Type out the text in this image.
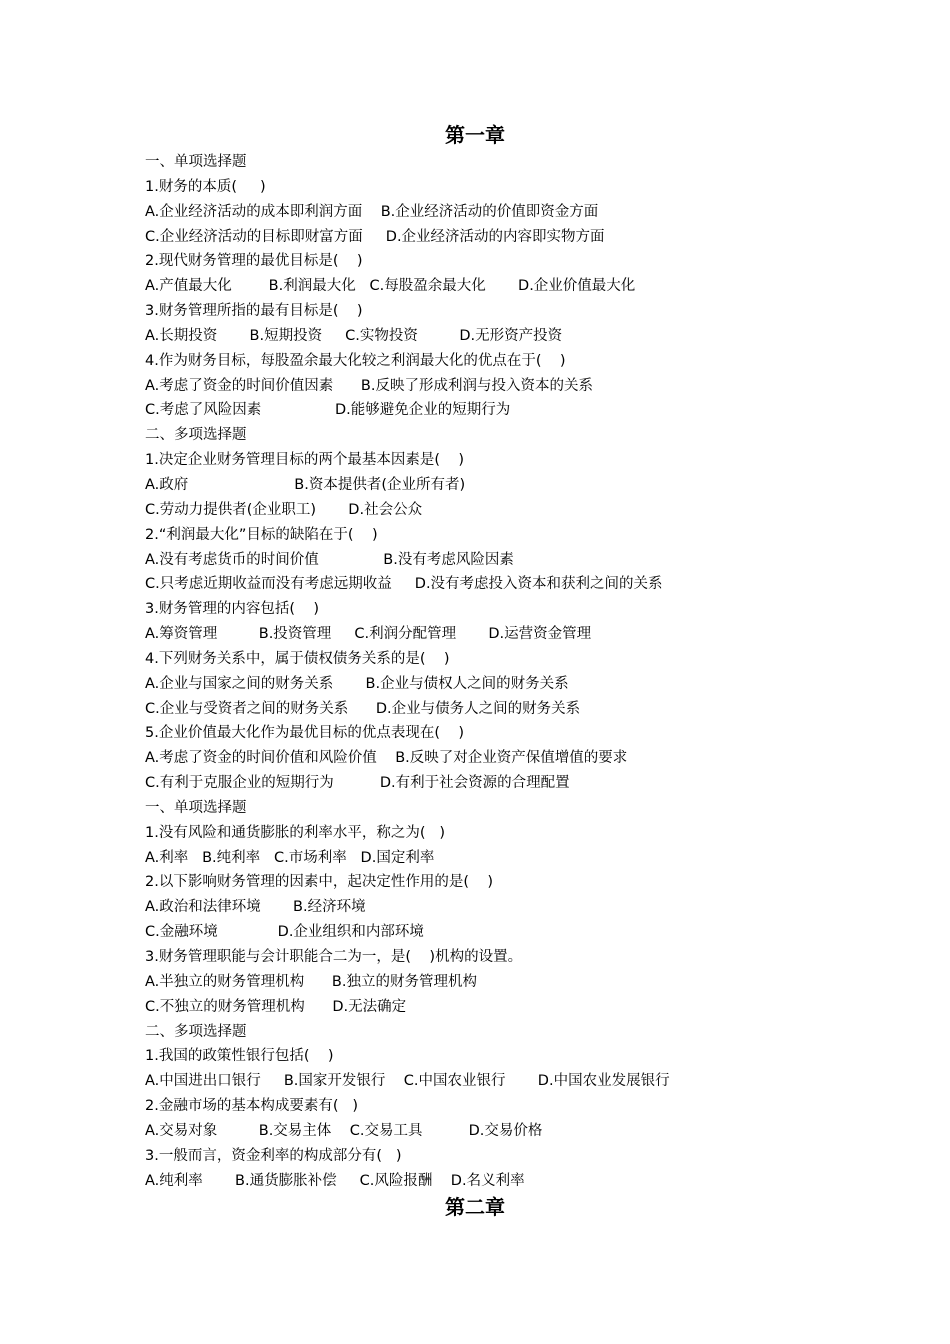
第一章
一、单项选择题
1.财务的本质(     )
A.企业经济活动的成本即利润方面    B.企业经济活动的价值即资金方面
C.企业经济活动的目标即财富方面     D.企业经济活动的内容即实物方面
2.现代财务管理的最优目标是(    )
A.产值最大化        B.利润最大化   C.每股盈余最大化       D.企业价值最大化
3.财务管理所指的最有目标是(    )
A.长期投资       B.短期投资     C.实物投资         D.无形资产投资
4.作为财务目标，每股盈余最大化较之利润最大化的优点在于(    )
A.考虑了资金的时间价值因素      B.反映了形成利润与投入资本的关系
C.考虑了风险因素                D.能够避免企业的短期行为
二、多项选择题
1.决定企业财务管理目标的两个最基本因素是(    )
A.政府                       B.资本提供者(企业所有者)
C.劳动力提供者(企业职工)       D.社会公众
2.“利润最大化”目标的缺陷在于(    )
A.没有考虑货币的时间价值              B.没有考虑风险因素
C.只考虑近期收益而没有考虑远期收益     D.没有考虑投入资本和获利之间的关系
3.财务管理的内容包括(    )
A.筹资管理         B.投资管理     C.利润分配管理       D.运营资金管理
4.下列财务关系中，属于债权债务关系的是(    )
A.企业与国家之间的财务关系       B.企业与债权人之间的财务关系
C.企业与受资者之间的财务关系      D.企业与债务人之间的财务关系
5.企业价值最大化作为最优目标的优点表现在(    )
A.考虑了资金的时间价值和风险价值    B.反映了对企业资产保值增值的要求
C.有利于克服企业的短期行为          D.有利于社会资源的合理配置
一、单项选择题
1.没有风险和通货膨胀的利率水平，称之为(   )
A.利率   B.纯利率   C.市场利率   D.国定利率
2.以下影响财务管理的因素中，起决定性作用的是(    )
A.政治和法律环境       B.经济环境
C.金融环境             D.企业组织和内部环境
3.财务管理职能与会计职能合二为一，是(    )机构的设置。
A.半独立的财务管理机构      B.独立的财务管理机构
C.不独立的财务管理机构      D.无法确定
二、多项选择题
1.我国的政策性银行包括(    )
A.中国进出口银行     B.国家开发银行    C.中国农业银行       D.中国农业发展银行
2.金融市场的基本构成要素有(   )
A.交易对象         B.交易主体    C.交易工具          D.交易价格
3.一般而言，资金利率的构成部分有(   )
A.纯利率       B.通货膨胀补偿     C.风险报酬    D.名义利率
第二章
